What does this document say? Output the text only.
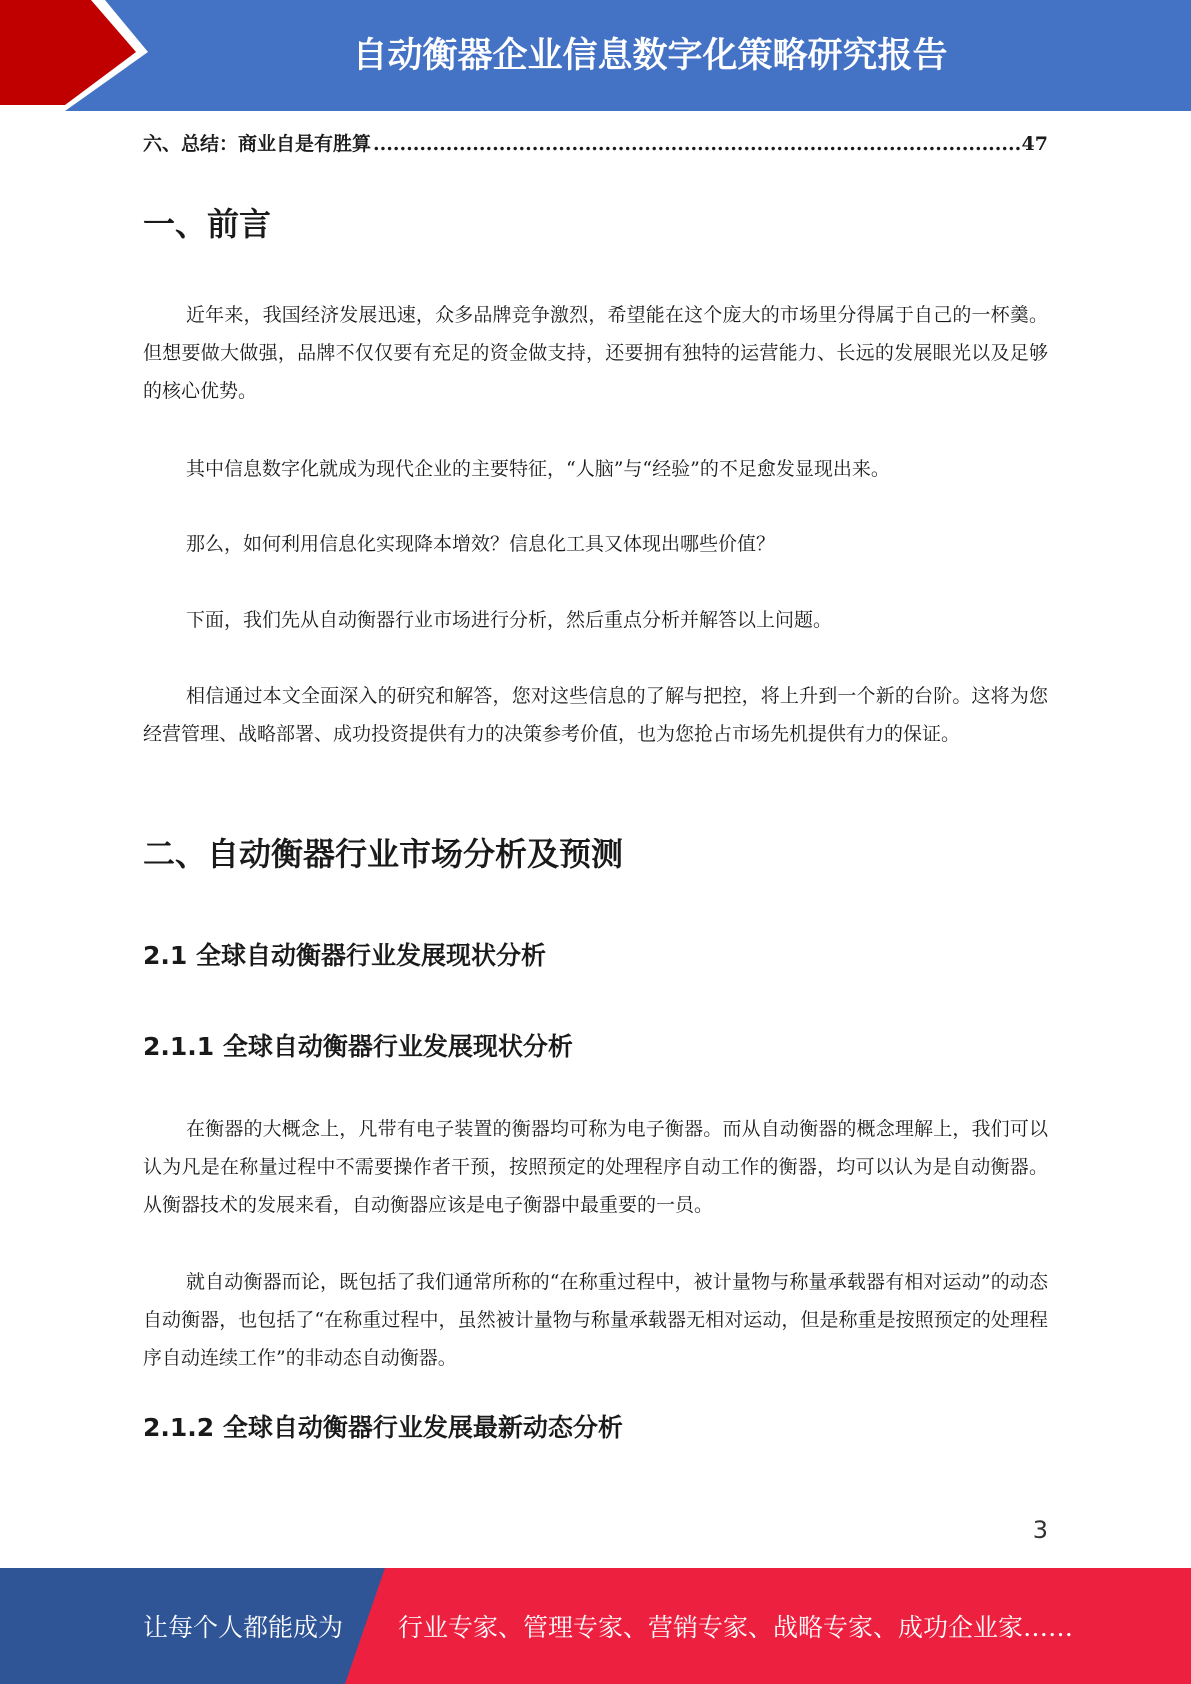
自动衡器企业信息数字化策略研究报告
六、总结：商业自是有胜算
.....	47
一、前言

近年来，我国经济发展迅速，众多品牌竞争激烈，希望能在这个庞大的市场里分得属于自己的一杯羹。但想要做大做强，品牌不仅仅要有充足的资金做支持，还要拥有独特的运营能力、长远的发展眼光以及足够的核心优势。

其中信息数字化就成为现代企业的主要特征，“人脑”与“经验”的不足愈发显现出来。

那么，如何利用信息化实现降本增效？信息化工具又体现出哪些价值？

下面，我们先从自动衡器行业市场进行分析，然后重点分析并解答以上问题。

相信通过本文全面深入的研究和解答，您对这些信息的了解与把控，将上升到一个新的台阶。这将为您经营管理、战略部署、成功投资提供有力的决策参考价值，也为您抢占市场先机提供有力的保证。

二、自动衡器行业市场分析及预测
2.1 全球自动衡器行业发展现状分析
2.1.1 全球自动衡器行业发展现状分析

在衡器的大概念上，凡带有电子装置的衡器均可称为电子衡器。而从自动衡器的概念理解上，我们可以认为凡是在称量过程中不需要操作者干预，按照预定的处理程序自动工作的衡器，均可以认为是自动衡器。从衡器技术的发展来看，自动衡器应该是电子衡器中最重要的一员。

就自动衡器而论，既包括了我们通常所称的“在称重过程中，被计量物与称量承载器有相对运动”的动态自动衡器，也包括了“在称重过程中，虽然被计量物与称量承载器无相对运动，但是称重是按照预定的处理程序自动连续工作”的非动态自动衡器。

2.1.2 全球自动衡器行业发展最新动态分析
3
让每个人都能成为 行业专家、管理专家、营销专家、战略专家、成功企业家……
